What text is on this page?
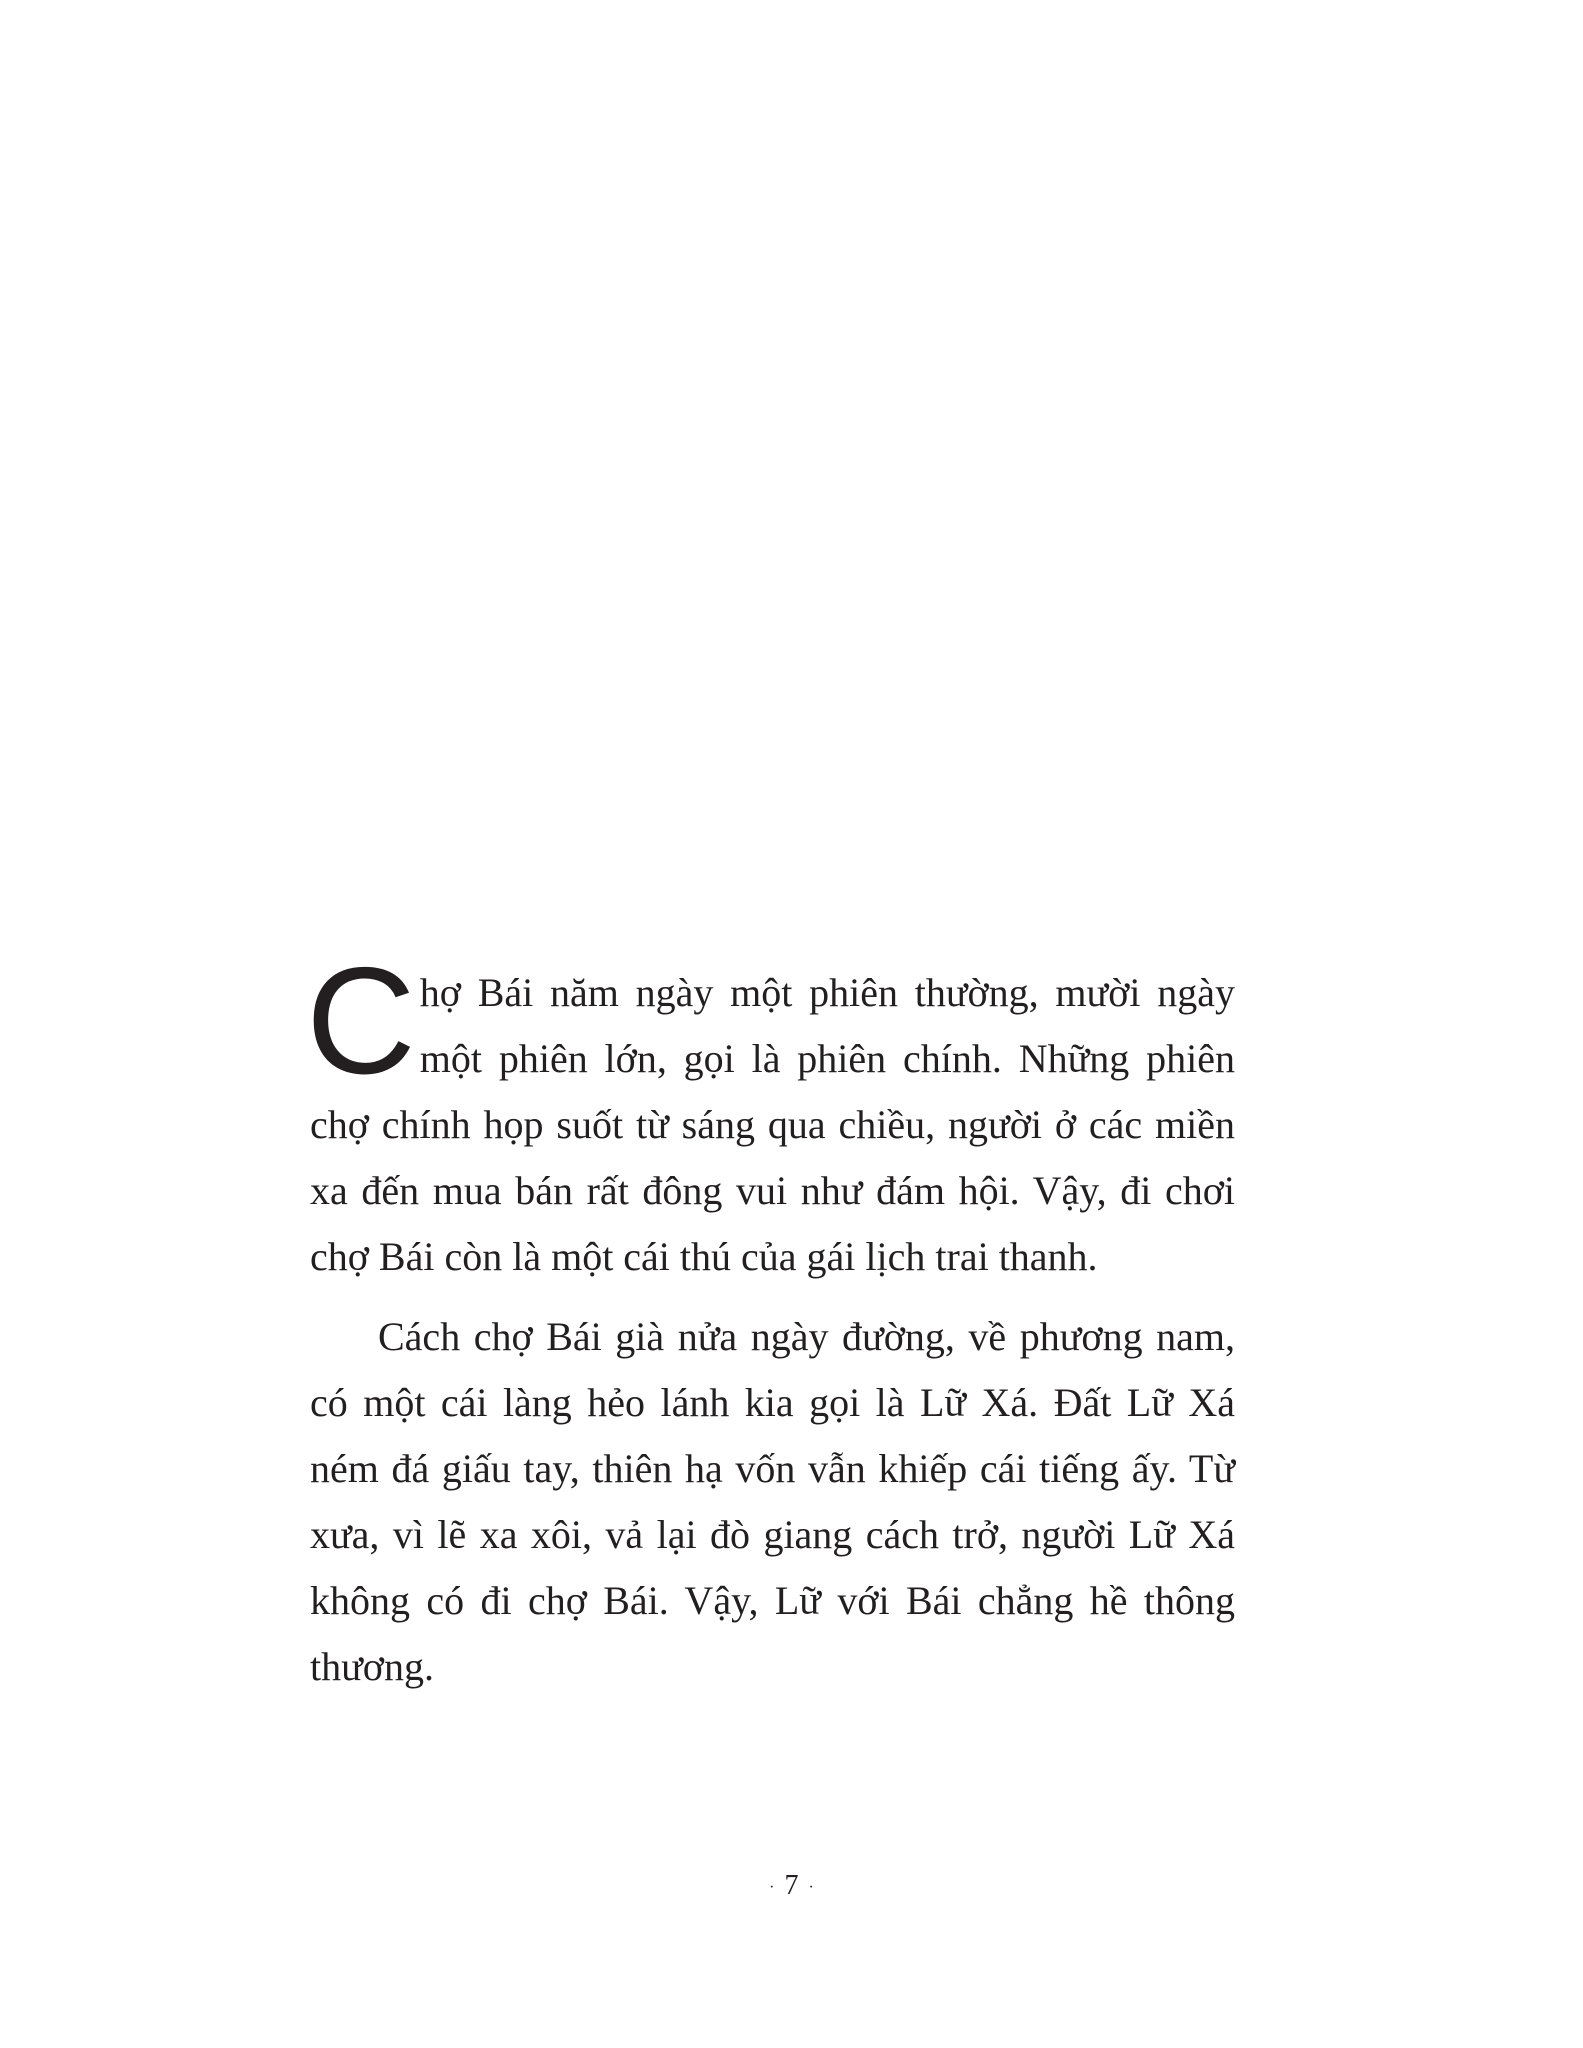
Chợ Bái năm ngày một phiên thường, mười ngày một phiên lớn, gọi là phiên chính. Những phiên chợ chính họp suốt từ sáng qua chiều, người ở các miền xa đến mua bán rất đông vui như đám hội. Vậy, đi chơi chợ Bái còn là một cái thú của gái lịch trai thanh.

Cách chợ Bái già nửa ngày đường, về phương nam, có một cái làng hẻo lánh kia gọi là Lữ Xá. Đất Lữ Xá ném đá giấu tay, thiên hạ vốn vẫn khiếp cái tiếng ấy. Từ xưa, vì lẽ xa xôi, vả lại đò giang cách trở, người Lữ Xá không có đi chợ Bái. Vậy, Lữ với Bái chẳng hề thông thương.

· 7 ·
